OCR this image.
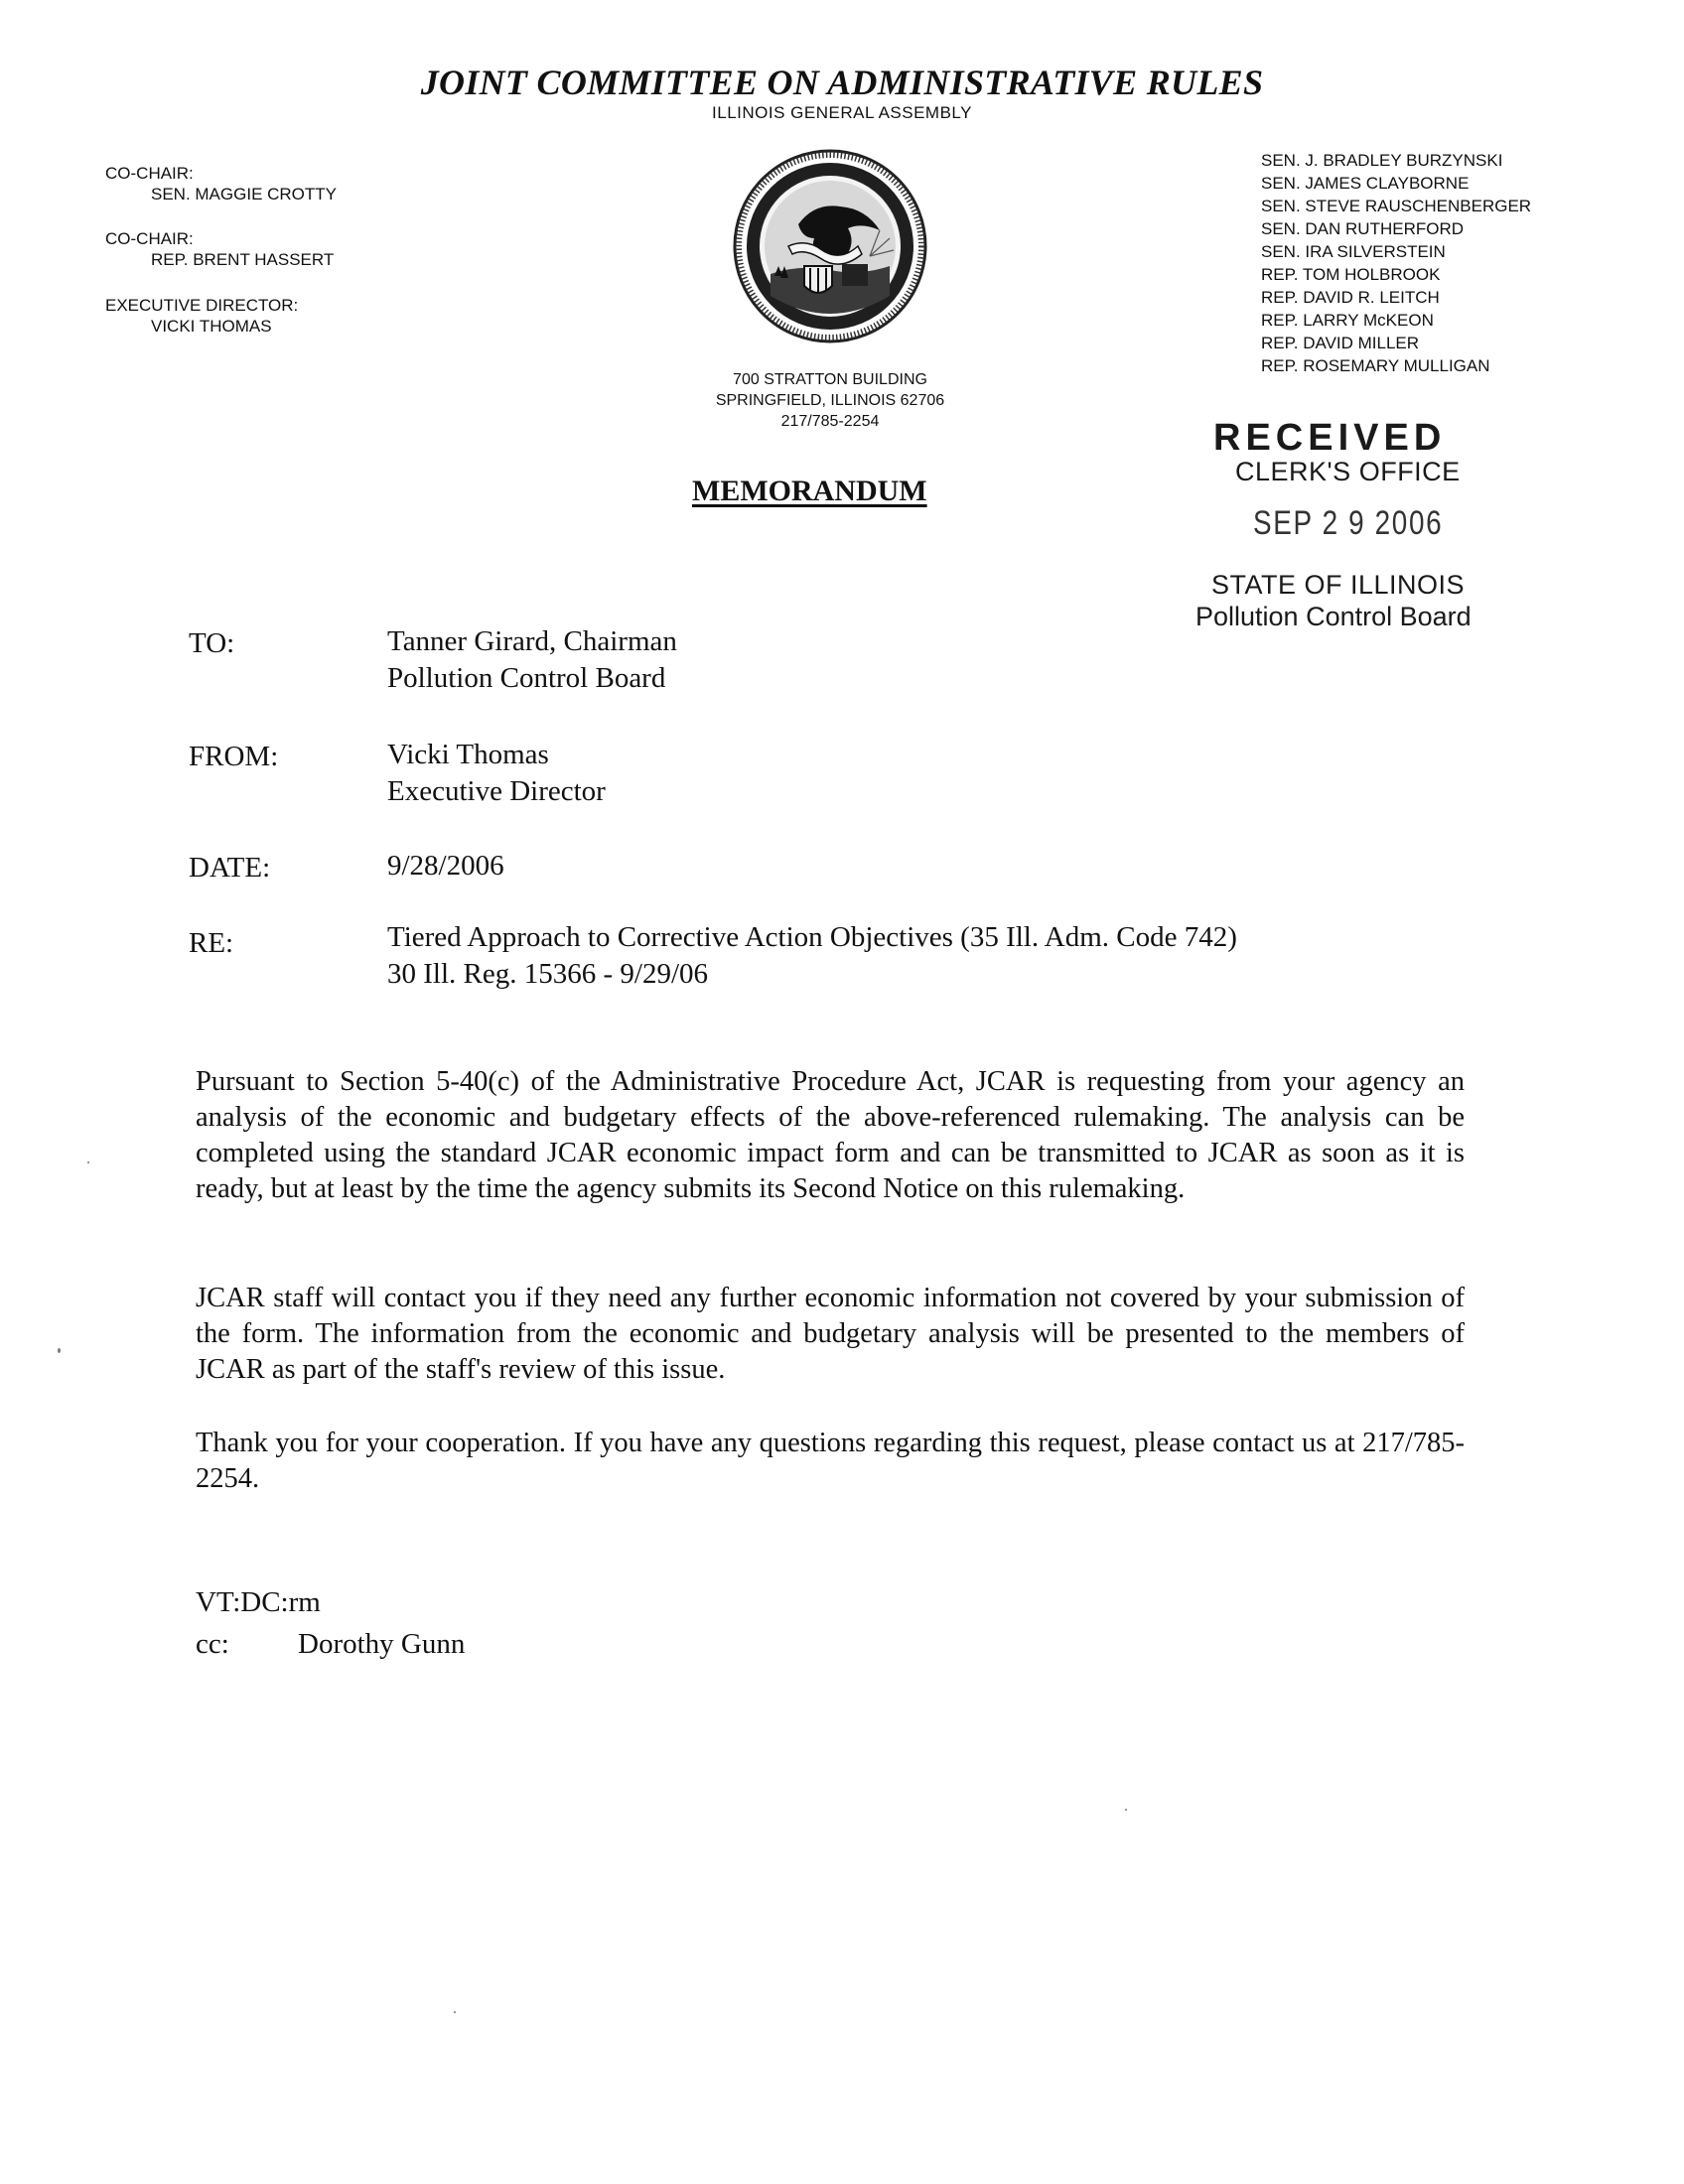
JOINT COMMITTEE ON ADMINISTRATIVE RULES
ILLINOIS GENERAL ASSEMBLY
CO-CHAIR:
SEN. MAGGIE CROTTY
CO-CHAIR:
REP. BRENT HASSERT
EXECUTIVE DIRECTOR:
VICKI THOMAS
SEN. J. BRADLEY BURZYNSKI
SEN. JAMES CLAYBORNE
SEN. STEVE RAUSCHENBERGER
SEN. DAN RUTHERFORD
SEN. IRA SILVERSTEIN
REP. TOM HOLBROOK
REP. DAVID R. LEITCH
REP. LARRY McKEON
REP. DAVID MILLER
REP. ROSEMARY MULLIGAN
700 STRATTON BUILDING
SPRINGFIELD, ILLINOIS 62706
217/785-2254
MEMORANDUM
RECEIVED
CLERK'S OFFICE
SEP 2 9 2006
STATE OF ILLINOIS
Pollution Control Board
TO:	Tanner Girard, Chairman
Pollution Control Board
FROM:	Vicki Thomas
Executive Director
DATE:	9/28/2006
RE:	Tiered Approach to Corrective Action Objectives (35 Ill. Adm. Code 742)
30 Ill. Reg. 15366 - 9/29/06
Pursuant to Section 5-40(c) of the Administrative Procedure Act, JCAR is requesting from your agency an analysis of the economic and budgetary effects of the above-referenced rulemaking. The analysis can be completed using the standard JCAR economic impact form and can be transmitted to JCAR as soon as it is ready, but at least by the time the agency submits its Second Notice on this rulemaking.
JCAR staff will contact you if they need any further economic information not covered by your submission of the form. The information from the economic and budgetary analysis will be presented to the members of JCAR as part of the staff's review of this issue.
Thank you for your cooperation. If you have any questions regarding this request, please contact us at 217/785-2254.
VT:DC:rm
cc: Dorothy Gunn
